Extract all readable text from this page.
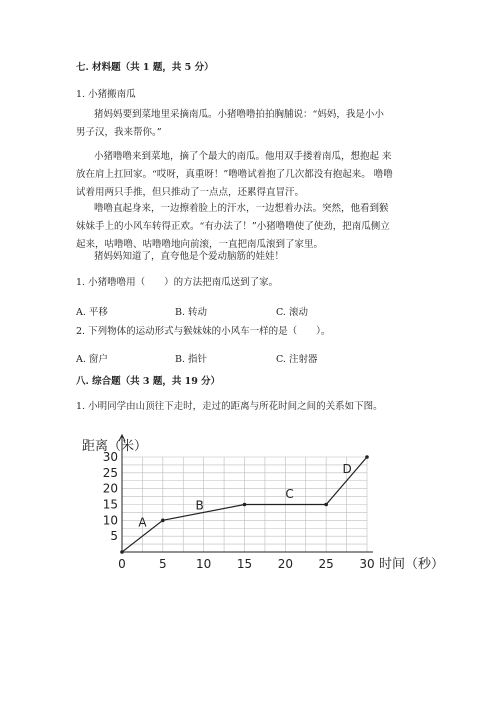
七. 材料题（共 1 题，共 5 分）
1. 小猪搬南瓜
猪妈妈要到菜地里采摘南瓜。小猪噜噜拍拍胸脯说：“妈妈，我是小小
男子汉，我来帮你。”
小猪噜噜来到菜地，摘了个最大的南瓜。他用双手搂着南瓜，想抱起 来
放在肩上扛回家。“哎呀，真重呀！”噜噜试着抱了几次都没有抱起来。 噜噜
试着用两只手推，但只推动了一点点，还累得直冒汗。
噜噜直起身来，一边擦着脸上的汗水，一边想着办法。突然，他看到猴
妹妹手上的小风车转得正欢。“有办法了！”小猪噜噜使了使劲，把南瓜侧立
起来，咕噜噜、咕噜噜地向前滚，一直把南瓜滚到了家里。
猪妈妈知道了，直夸他是个爱动脑筋的娃娃！
1. 小猪噜噜用（　　）的方法把南瓜送到了家。
A. 平移	B. 转动	C. 滚动
2. 下列物体的运动形式与猴妹妹的小风车一样的是（　　）。
A. 窗户	B. 指针	C. 注射器
八. 综合题（共 3 题，共 19 分）
1. 小明同学由山顶往下走时，走过的距离与所花时间之间的关系如下图。
距离（米）
时间（秒）
0	5 10 15 20 25 30
5
10
15
20
25
30
A
B
C
D
